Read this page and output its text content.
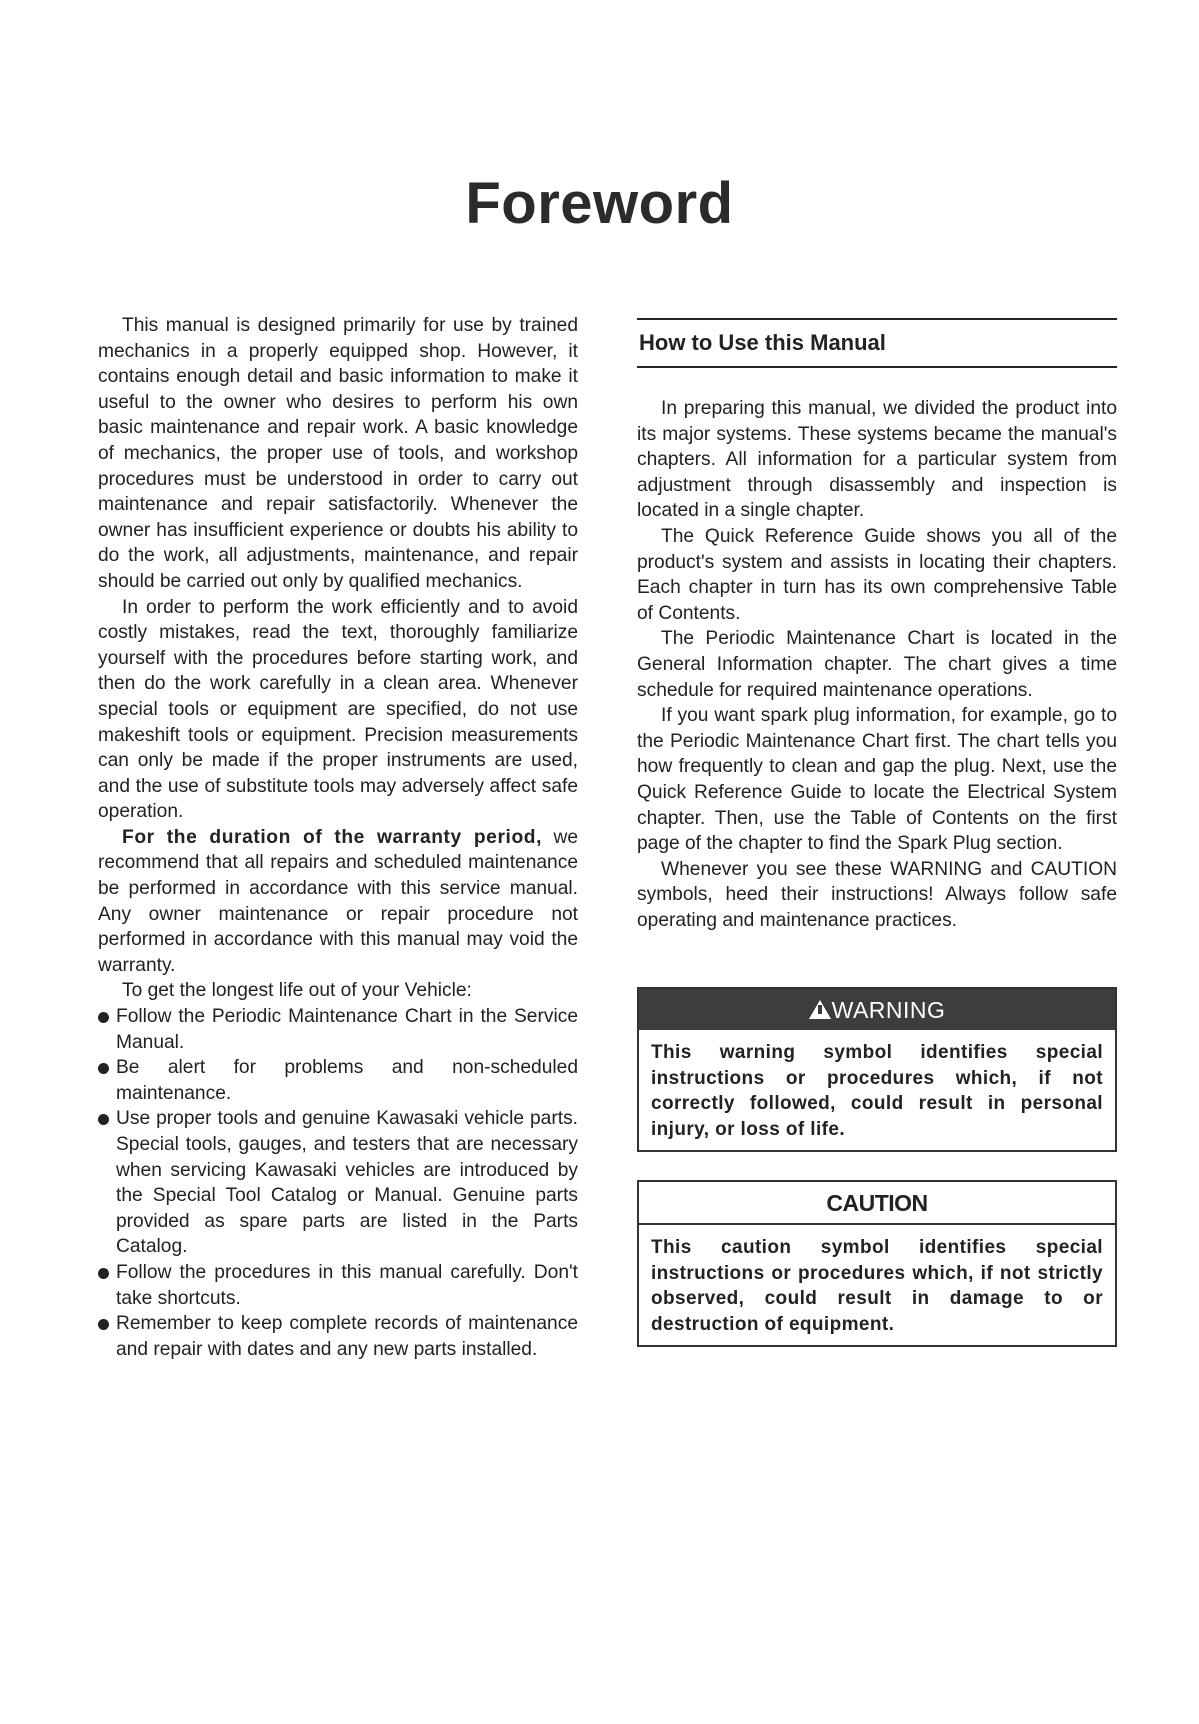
Foreword

This manual is designed primarily for use by trained mechanics in a properly equipped shop. However, it contains enough detail and basic information to make it useful to the owner who desires to perform his own basic maintenance and repair work. A basic knowledge of mechanics, the proper use of tools, and workshop procedures must be understood in order to carry out maintenance and repair satisfactorily. Whenever the owner has insufficient experience or doubts his ability to do the work, all adjustments, maintenance, and repair should be carried out only by qualified mechanics.

In order to perform the work efficiently and to avoid costly mistakes, read the text, thoroughly familiarize yourself with the procedures before starting work, and then do the work carefully in a clean area. Whenever special tools or equipment are specified, do not use makeshift tools or equipment. Precision measurements can only be made if the proper instruments are used, and the use of substitute tools may adversely affect safe operation.

For the duration of the warranty period, we recommend that all repairs and scheduled maintenance be performed in accordance with this service manual. Any owner maintenance or repair procedure not performed in accordance with this manual may void the warranty.

To get the longest life out of your Vehicle:

Follow the Periodic Maintenance Chart in the Service Manual.
Be alert for problems and non-scheduled maintenance.
Use proper tools and genuine Kawasaki vehicle parts. Special tools, gauges, and testers that are necessary when servicing Kawasaki vehicles are introduced by the Special Tool Catalog or Manual. Genuine parts provided as spare parts are listed in the Parts Catalog.
Follow the procedures in this manual carefully. Don't take shortcuts.
Remember to keep complete records of maintenance and repair with dates and any new parts installed.
How to Use this Manual

In preparing this manual, we divided the product into its major systems. These systems became the manual's chapters. All information for a particular system from adjustment through disassembly and inspection is located in a single chapter.

The Quick Reference Guide shows you all of the product's system and assists in locating their chapters. Each chapter in turn has its own comprehensive Table of Contents.

The Periodic Maintenance Chart is located in the General Information chapter. The chart gives a time schedule for required maintenance operations.

If you want spark plug information, for example, go to the Periodic Maintenance Chart first. The chart tells you how frequently to clean and gap the plug. Next, use the Quick Reference Guide to locate the Electrical System chapter. Then, use the Table of Contents on the first page of the chapter to find the Spark Plug section.

Whenever you see these WARNING and CAUTION symbols, heed their instructions! Always follow safe operating and maintenance practices.

WARNING
This warning symbol identifies special instructions or procedures which, if not correctly followed, could result in personal injury, or loss of life.
CAUTION
This caution symbol identifies special instructions or procedures which, if not strictly observed, could result in damage to or destruction of equipment.
